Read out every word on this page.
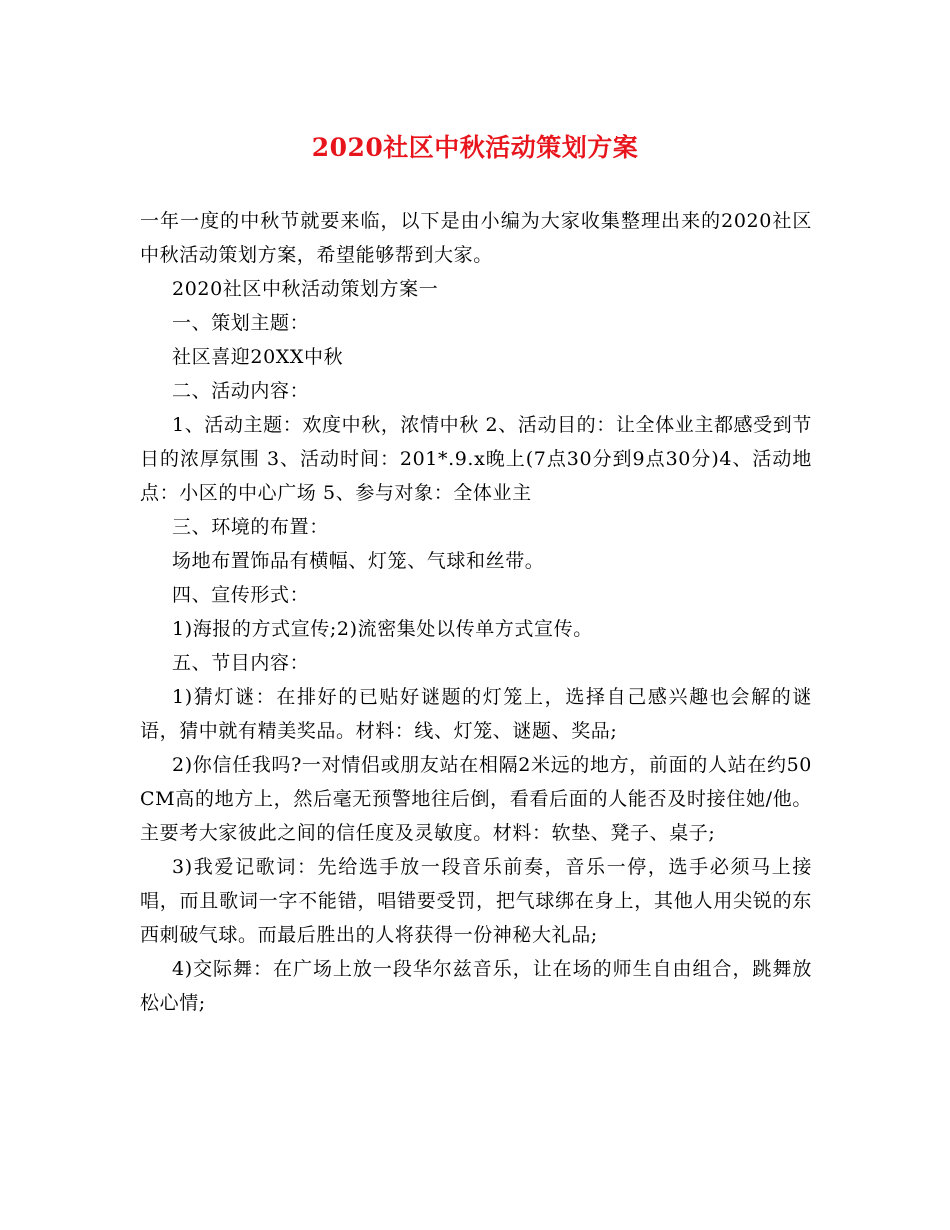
2020社区中秋活动策划方案

一年一度的中秋节就要来临，以下是由小编为大家收集整理出来的2020社区中秋活动策划方案，希望能够帮到大家。

2020社区中秋活动策划方案一

一、策划主题：

社区喜迎20XX中秋

二、活动内容：

1、活动主题：欢度中秋，浓情中秋 2、活动目的：让全体业主都感受到节日的浓厚氛围 3、活动时间：201*.9.x晚上(7点30分到9点30分)4、活动地点：小区的中心广场 5、参与对象：全体业主

三、环境的布置：

场地布置饰品有横幅、灯笼、气球和丝带。

四、宣传形式：

1)海报的方式宣传;2)流密集处以传单方式宣传。

五、节目内容：

1)猜灯谜：在排好的已贴好谜题的灯笼上，选择自己感兴趣也会解的谜语，猜中就有精美奖品。材料：线、灯笼、谜题、奖品;

2)你信任我吗?一对情侣或朋友站在相隔2米远的地方，前面的人站在约50CM高的地方上，然后毫无预警地往后倒，看看后面的人能否及时接住她/他。主要考大家彼此之间的信任度及灵敏度。材料：软垫、凳子、桌子;

3)我爱记歌词：先给选手放一段音乐前奏，音乐一停，选手必须马上接唱，而且歌词一字不能错，唱错要受罚，把气球绑在身上，其他人用尖锐的东西刺破气球。而最后胜出的人将获得一份神秘大礼品;

4)交际舞：在广场上放一段华尔兹音乐，让在场的师生自由组合，跳舞放松心情;
